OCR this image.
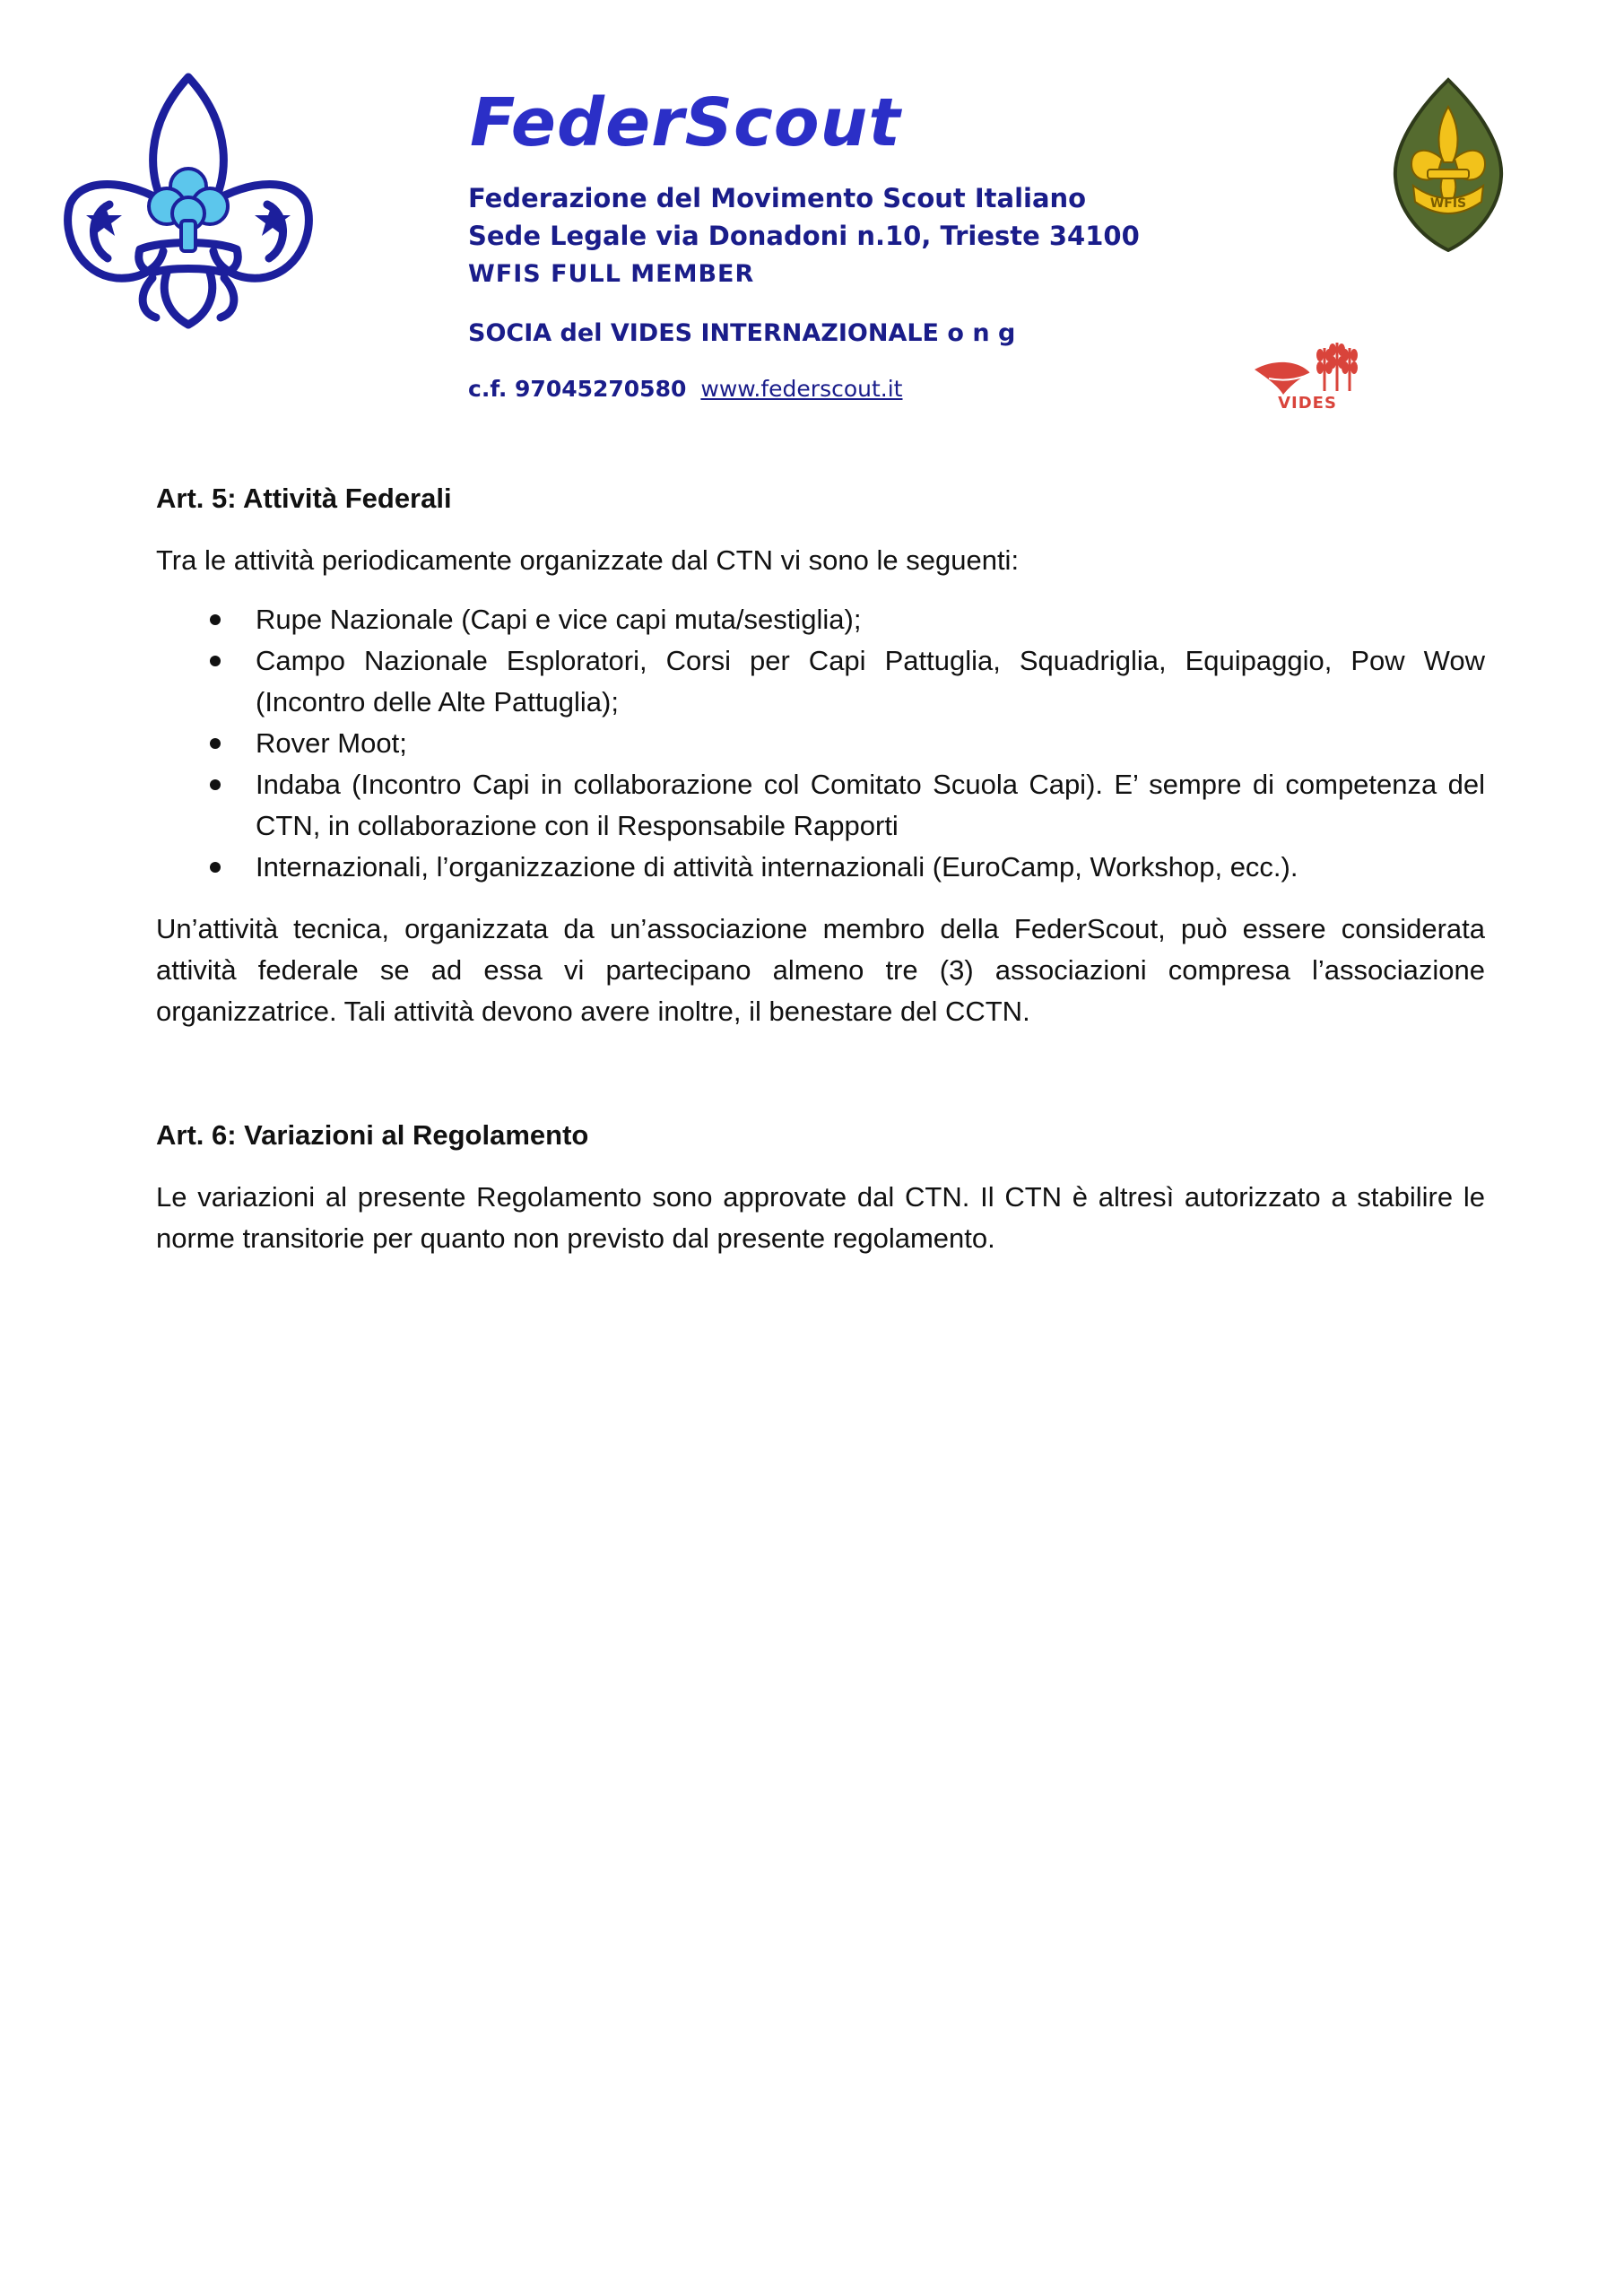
WFIS
VIDES
FederScout
Federazione del Movimento Scout Italiano
Sede Legale via Donadoni n.10, Trieste 34100
WFIS FULL MEMBER
SOCIA del VIDES INTERNAZIONALE o n g
c.f. 97045270580 www.federscout.it

Art. 5: Attività Federali

Tra le attività periodicamente organizzate dal CTN vi sono le seguenti:

Rupe Nazionale (Capi e vice capi muta/sestiglia);
Campo Nazionale Esploratori, Corsi per Capi Pattuglia, Squadriglia, Equipaggio, Pow Wow (Incontro delle Alte Pattuglia);
Rover Moot;
Indaba (Incontro Capi in collaborazione col Comitato Scuola Capi). E’ sempre di competenza del CTN, in collaborazione con il Responsabile Rapporti
Internazionali, l’organizzazione di attività internazionali (EuroCamp, Workshop, ecc.).

Un’attività tecnica, organizzata da un’associazione membro della FederScout, può essere considerata attività federale se ad essa vi partecipano almeno tre (3) associazioni compresa l’associazione organizzatrice. Tali attività devono avere inoltre, il benestare del CCTN.

Art. 6: Variazioni al Regolamento

Le variazioni al presente Regolamento sono approvate dal CTN. Il CTN è altresì autorizzato a stabilire le norme transitorie per quanto non previsto dal presente regolamento.
